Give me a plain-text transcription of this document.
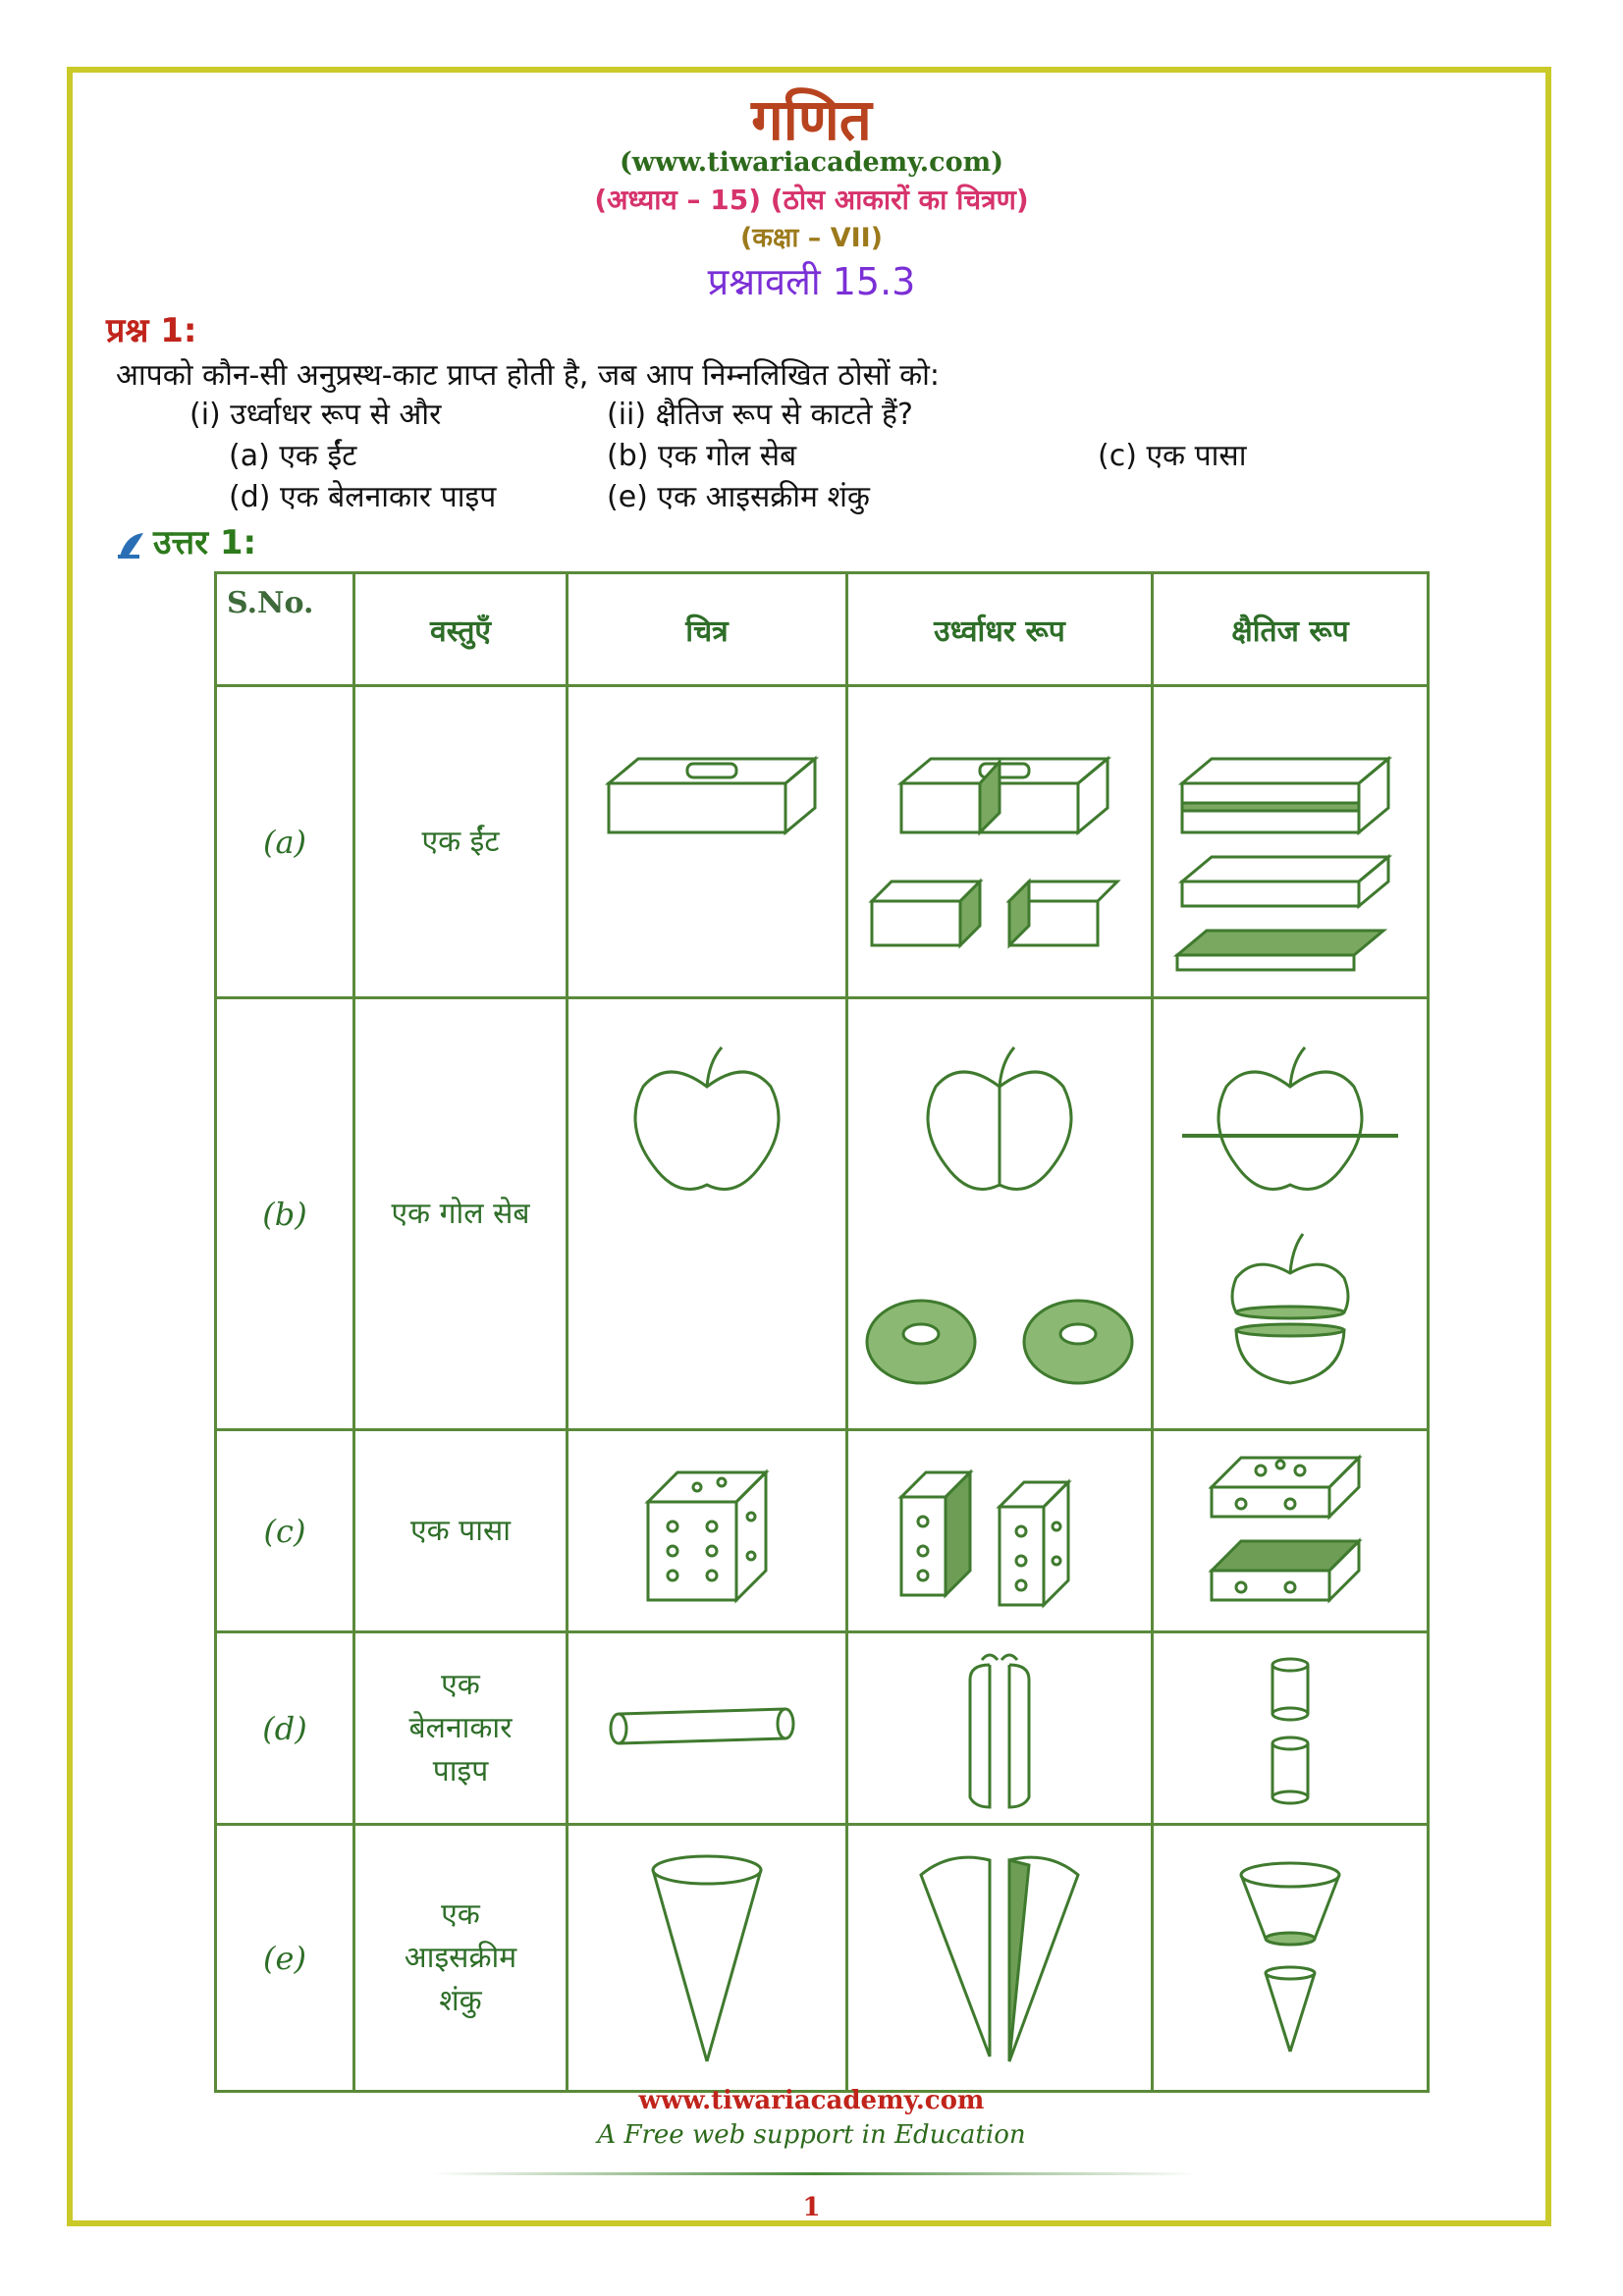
गणित
(www.tiwariacademy.com)
(अध्याय – 15) (ठोस आकारों का चित्रण)
(कक्षा – VII)
प्रश्नावली 15.3
प्रश्न 1:
आपको कौन-सी अनुप्रस्थ-काट प्राप्त होती है, जब आप निम्नलिखित ठोसों को:
(i) उर्ध्वाधर रूप से और	(ii) क्षैतिज रूप से काटते हैं?
(a) एक ईंट	(b) एक गोल सेब	(c) एक पासा
(d) एक बेलनाकार पाइप	(e) एक आइसक्रीम शंकु
उत्तर 1:
S.No.	वस्तुएँ	चित्र	उर्ध्वाधर रूप	क्षैतिज रूप
(a)	एक ईंट	

(b)	एक गोल सेब	

(c)	एक पासा	

(d)	एक
बेलनाकार
पाइप

(e)	एक
आइसक्रीम
शंकु

www.tiwariacademy.com
A Free web support in Education
1
